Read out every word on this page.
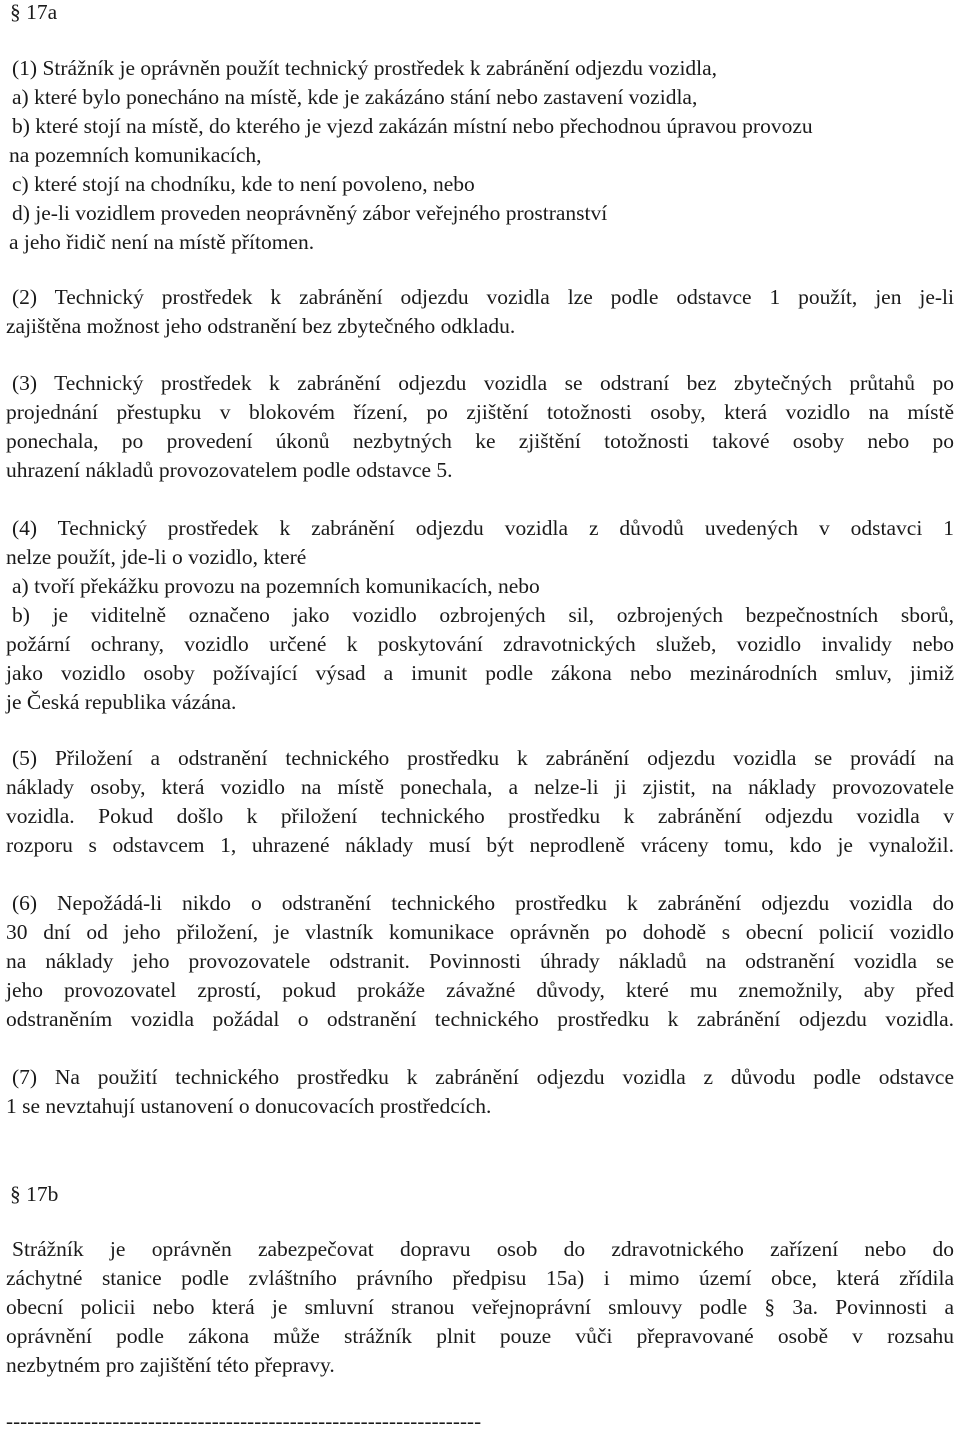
§ 17a
(1) Strážník je oprávněn použít technický prostředek k zabránění odjezdu vozidla,
a) které bylo ponecháno na místě, kde je zakázáno stání nebo zastavení vozidla,
b) které stojí na místě, do kterého je vjezd zakázán místní nebo přechodnou úpravou provozu
na pozemních komunikacích,
c) které stojí na chodníku, kde to není povoleno, nebo
d) je-li vozidlem proveden neoprávněný zábor veřejného prostranství
a jeho řidič není na místě přítomen.
(2) Technický prostředek k zabránění odjezdu vozidla lze podle odstavce 1 použít, jen je-li
zajištěna možnost jeho odstranění bez zbytečného odkladu.
(3) Technický prostředek k zabránění odjezdu vozidla se odstraní bez zbytečných průtahů po
projednání přestupku v blokovém řízení, po zjištění totožnosti osoby, která vozidlo na místě
ponechala, po provedení úkonů nezbytných ke zjištění totožnosti takové osoby nebo po
uhrazení nákladů provozovatelem podle odstavce 5.
(4) Technický prostředek k zabránění odjezdu vozidla z důvodů uvedených v odstavci 1
nelze použít, jde-li o vozidlo, které
a) tvoří překážku provozu na pozemních komunikacích, nebo
b) je viditelně označeno jako vozidlo ozbrojených sil, ozbrojených bezpečnostních sborů,
požární ochrany, vozidlo určené k poskytování zdravotnických služeb, vozidlo invalidy nebo
jako vozidlo osoby požívající výsad a imunit podle zákona nebo mezinárodních smluv, jimiž
je Česká republika vázána.
(5) Přiložení a odstranění technického prostředku k zabránění odjezdu vozidla se provádí na
náklady osoby, která vozidlo na místě ponechala, a nelze-li ji zjistit, na náklady provozovatele
vozidla. Pokud došlo k přiložení technického prostředku k zabránění odjezdu vozidla v
rozporu s odstavcem 1, uhrazené náklady musí být neprodleně vráceny tomu, kdo je vynaložil.
(6) Nepožádá-li nikdo o odstranění technického prostředku k zabránění odjezdu vozidla do
30 dní od jeho přiložení, je vlastník komunikace oprávněn po dohodě s obecní policií vozidlo
na náklady jeho provozovatele odstranit. Povinnosti úhrady nákladů na odstranění vozidla se
jeho provozovatel zprostí, pokud prokáže závažné důvody, které mu znemožnily, aby před
odstraněním vozidla požádal o odstranění technického prostředku k zabránění odjezdu vozidla.
(7) Na použití technického prostředku k zabránění odjezdu vozidla z důvodu podle odstavce
1 se nevztahují ustanovení o donucovacích prostředcích.
§ 17b
Strážník je oprávněn zabezpečovat dopravu osob do zdravotnického zařízení nebo do
záchytné stanice podle zvláštního právního předpisu 15a) i mimo území obce, která zřídila
obecní policii nebo která je smluvní stranou veřejnoprávní smlouvy podle § 3a. Povinnosti a
oprávnění podle zákona může strážník plnit pouze vůči přepravované osobě v rozsahu
nezbytném pro zajištění této přepravy.
-------------------------------------------------------------------
